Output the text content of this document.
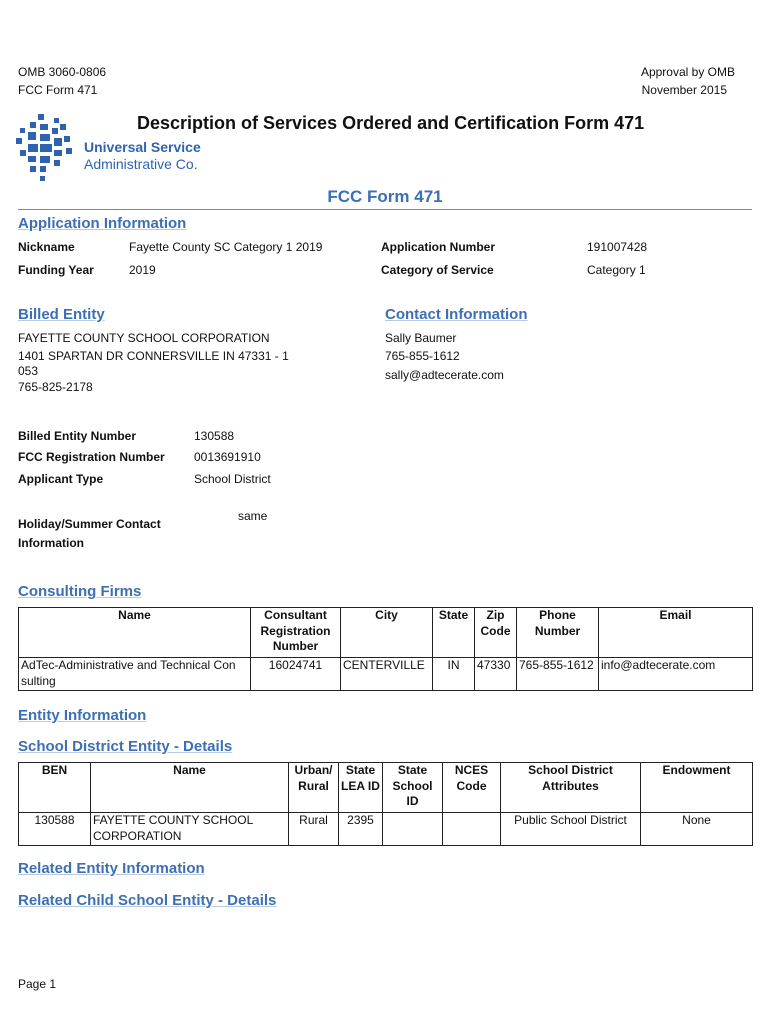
OMB 3060-0806
FCC Form 471
Approval by OMB
November 2015
Universal Service
Administrative Co.
Description of Services Ordered and Certification Form 471
FCC Form 471
Application Information
Nickname	Fayette County SC Category 1 2019
Funding Year	2019
Application Number	191007428
Category of Service	Category 1
Billed Entity
FAYETTE COUNTY SCHOOL CORPORATION
1401 SPARTAN DR CONNERSVILLE IN 47331 - 1
053
765-825-2178
Contact Information
Sally Baumer
765-855-1612
sally@adtecerate.com
Billed Entity Number	130588
FCC Registration Number 0013691910
Applicant Type	School District
Holiday/Summer Contact
Information
same
Consulting Firms
Name	Consultant Registration Number	City	State	Zip Code	Phone Number	Email
AdTec-Administrative and Technical Con sulting	16024741	CENTERVILLE	IN	47330	765-855-1612	info@adtecerate.com
Entity Information
School District Entity - Details
BEN	Name	Urban/ Rural	State LEA ID	State School ID	NCES Code	School District Attributes	Endowment
130588	FAYETTE COUNTY SCHOOL CORPORATION	Rural	2395			Public School District	None
Related Entity Information
Related Child School Entity - Details
Page 1
